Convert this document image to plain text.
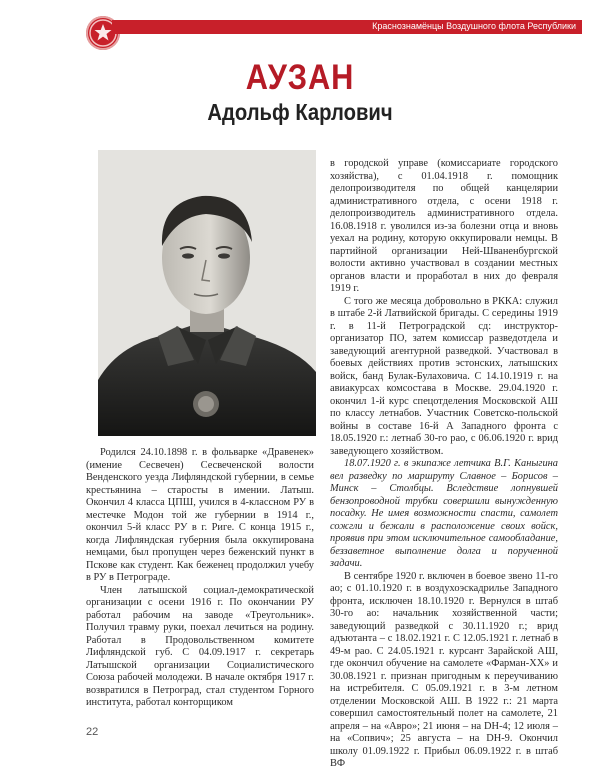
Краснознамёнцы Воздушного флота Республики
АУЗАН
Адольф Карлович

Родился 24.10.1898 г. в фольварке «Дравенек» (имение Сесвечен) Сесвеченской волости Венденского уезда Лифляндской губернии, в семье крестьянина – старосты в имении. Латыш. Окончил 4 класса ЦПШ, учился в 4-классном РУ в местечке Модон той же губернии в 1914 г., окончил 5-й класс РУ в г. Риге. С конца 1915 г., когда Лифляндская губерния была оккупирована немцами, был пропущен через беженский пункт в Пскове как студент. Как беженец продолжил учебу в РУ в Петрограде.

Член латышской социал-демократической организации с осени 1916 г. По окончании РУ работал рабочим на заводе «Треугольник». Получил травму руки, поехал лечиться на родину. Работал в Продовольственном комитете Лифляндской губ. С 04.09.1917 г. секретарь Латышской организации Социалистического Союза рабочей молодежи. В начале октября 1917 г. возвратился в Петроград, стал студентом Горного института, работал конторщиком

в городской управе (комиссариате городского хозяйства), с 01.04.1918 г. помощник делопроизводителя по общей канцелярии административного отдела, с осени 1918 г. делопроизводитель административного отдела. 16.08.1918 г. уволился из-за болезни отца и вновь уехал на родину, которую оккупировали немцы. В партийной организации Ней-Шваненбургской волости активно участвовал в создании местных органов власти и проработал в них до февраля 1919 г.

С того же месяца добровольно в РККА: служил в штабе 2-й Латвийской бригады. С середины 1919 г. в 11-й Петроградской сд: инструктор-организатор ПО, затем комиссар разведотдела и заведующий агентурной разведкой. Участвовал в боевых действиях против эстонских, латышских войск, банд Булак-Булаховича. С 14.10.1919 г. на авиакурсах комсостава в Москве. 29.04.1920 г. окончил 1-й курс спецотделения Московской АШ по классу летнабов. Участник Советско-польской войны в составе 16-й А Западного фронта с 18.05.1920 г.: летнаб 30-го рао, с 06.06.1920 г. врид заведующего хозяйством.

18.07.1920 г. в экипаже летчика В.Г. Каныгина вел разведку по маршруту Славное – Борисов – Минск – Столбцы. Вследствие лопнувшей бензопроводной трубки совершили вынужденную посадку. Не имея возможности спасти, самолет сожгли и бежали в расположение своих войск, проявив при этом исключительное самообладание, беззаветное выполнение долга и порученной задачи.

В сентябре 1920 г. включен в боевое звено 11-го ао; с 01.10.1920 г. в воздухоэскадрилье Западного фронта, исключен 18.10.1920 г. Вернулся в штаб 30-го ао: начальник хозяйственной части; заведующий разведкой с 30.11.1920 г.; врид адъютанта – с 18.02.1921 г. С 12.05.1921 г. летнаб в 49-м рао. С 24.05.1921 г. курсант Зарайской АШ, где окончил обучение на самолете «Фарман-ХХ» и 30.08.1921 г. признан пригодным к переучиванию на истребителя. С 05.09.1921 г. в 3-м летном отделении Московской АШ. В 1922 г.: 21 марта совершил самостоятельный полет на самолете, 21 апреля – на «Авро»; 21 июня – на DH-4; 12 июля – на «Сопвич»; 25 августа – на DH-9. Окончил школу 01.09.1922 г. Прибыл 06.09.1922 г. в штаб ВФ

22
